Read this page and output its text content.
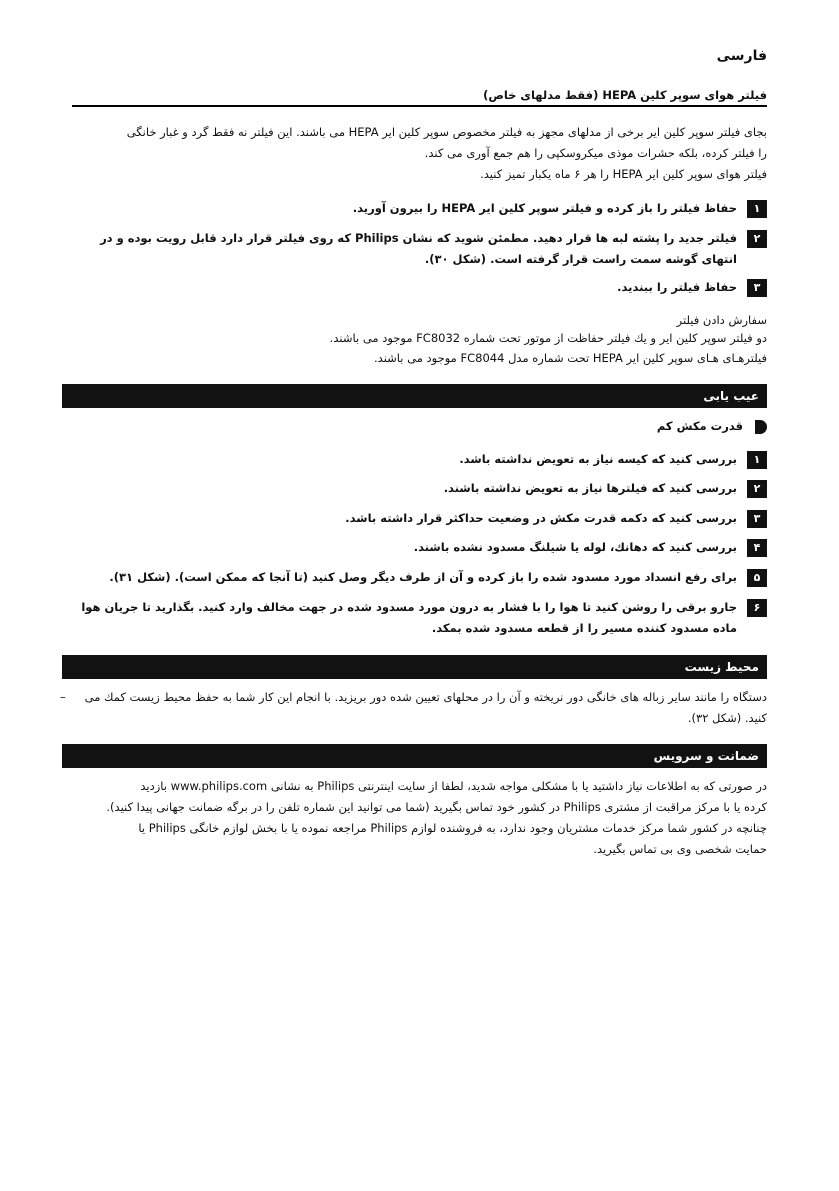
فارسی
فیلتر هوای سوپر کلین HEPA (فقط مدلهای خاص)

بجای فیلتر سوپر کلین ایر برخی از مدلهای مجهز به فیلتر مخصوص سوپر کلین ایر HEPA می باشند. این فیلتر نه فقط گرد و غبار خانگی

را فیلتر کرده، بلکه حشرات موذی میکروسکپی را هم جمع آوری می کند.

فیلتر هوای سوپر کلین ایر HEPA را هر ۶ ماه یکبار تمیز کنید.

۱
حفاظ فیلتر را باز کرده و فیلتر سوپر کلین ایر HEPA را بیرون آورید.
۲
فیلتر جدید را پشته لبه ها قرار دهید. مطمئن شوید که نشان Philips که روی فیلتر قرار دارد قابل رویت بوده و در انتهای گوشه سمت راست قرار گرفته است. (شکل ۳۰).
۳
حفاظ فیلتر را ببندید.

سفارش دادن فیلتر

دو فیلتر سوپر کلین ایر و یك فیلتر حفاظت از موتور تحت شماره FC8032 موجود می باشند.

فیلترهـای هـای سوپر کلین ایر HEPA تحت شماره مدل FC8044 موجود می باشند.

عیب یابی
قدرت مکش کم
۱
بررسی کنید که کیسه نیاز به تعویض نداشته باشد.
۲
بررسی کنید که فیلترها نیاز به تعویض نداشته باشند.
۳
بررسی کنید که دکمه قدرت مکش در وضعیت حداکثر قرار داشته باشد.
۴
بررسی کنید که دهانك، لوله یا شیلنگ مسدود نشده باشند.
۵
برای رفع انسداد مورد مسدود شده را باز کرده و آن از طرف دیگر وصل کنید (تا آنجا که ممکن است). (شکل ۳۱).
۶
جارو برقی را روشن کنید تا هوا را با فشار به درون مورد مسدود شده در جهت مخالف وارد کنید. بگذارید تا جریان هوا ماده مسدود کننده مسیر را از قطعه مسدود شده بمکد.
محیط زیست
–	دستگاه را مانند سایر زباله های خانگی دور نریخته و آن را در محلهای تعیین شده دور بریزید. با انجام این کار شما به حفظ محیط زیست کمك می کنید. (شکل ۳۲).
ضمانت و سرویس

در صورتی که به اطلاعات نیاز داشتید یا با مشکلی مواجه شدید، لطفا از سایت اینترنتی Philips به نشانی www.philips.com بازدید

کرده یا با مرکز مراقبت از مشتری Philips در کشور خود تماس بگیرید (شما می توانید این شماره تلفن را در برگه ضمانت جهانی پیدا کنید).

چنانچه در کشور شما مرکز خدمات مشتریان وجود ندارد، به فروشنده لوازم Philips مراجعه نموده یا با بخش لوازم خانگی Philips یا

حمایت شخصی وی بی تماس بگیرید.
